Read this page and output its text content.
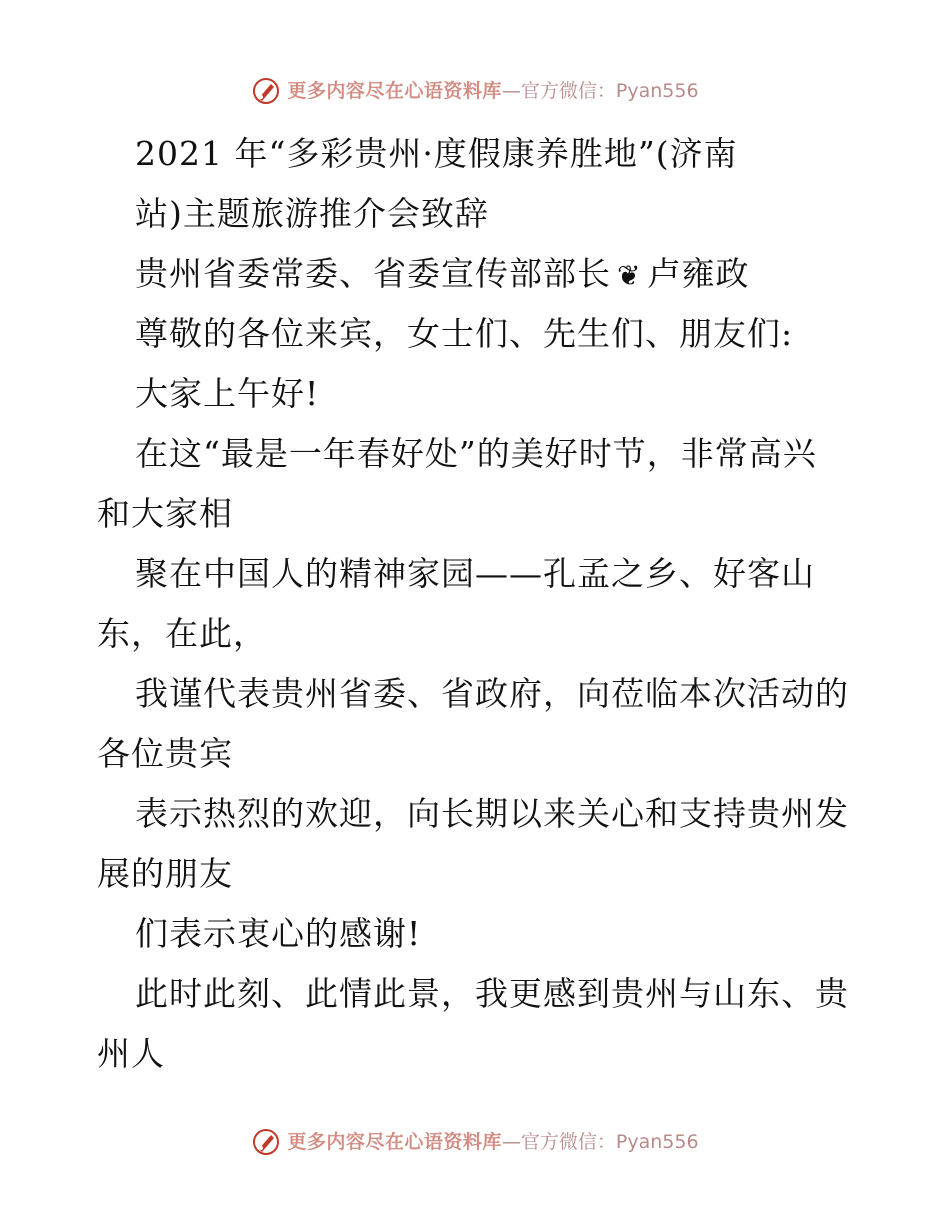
更多内容尽在心语资料库 —官方微信：Pyan556
2021 年“多彩贵州·度假康养胜地”(济南
站)主题旅游推介会致辞
贵州省委常委、省委宣传部部长 ❦ 卢雍政
尊敬的各位来宾，女士们、先生们、朋友们:
大家上午好!
在这“最是一年春好处”的美好时节，非常高兴
和大家相
聚在中国人的精神家园——孔孟之乡、好客山
东，在此，
我谨代表贵州省委、省政府，向莅临本次活动的
各位贵宾
表示热烈的欢迎，向长期以来关心和支持贵州发
展的朋友
们表示衷心的感谢!
此时此刻、此情此景，我更感到贵州与山东、贵
州人
更多内容尽在心语资料库 —官方微信：Pyan556
